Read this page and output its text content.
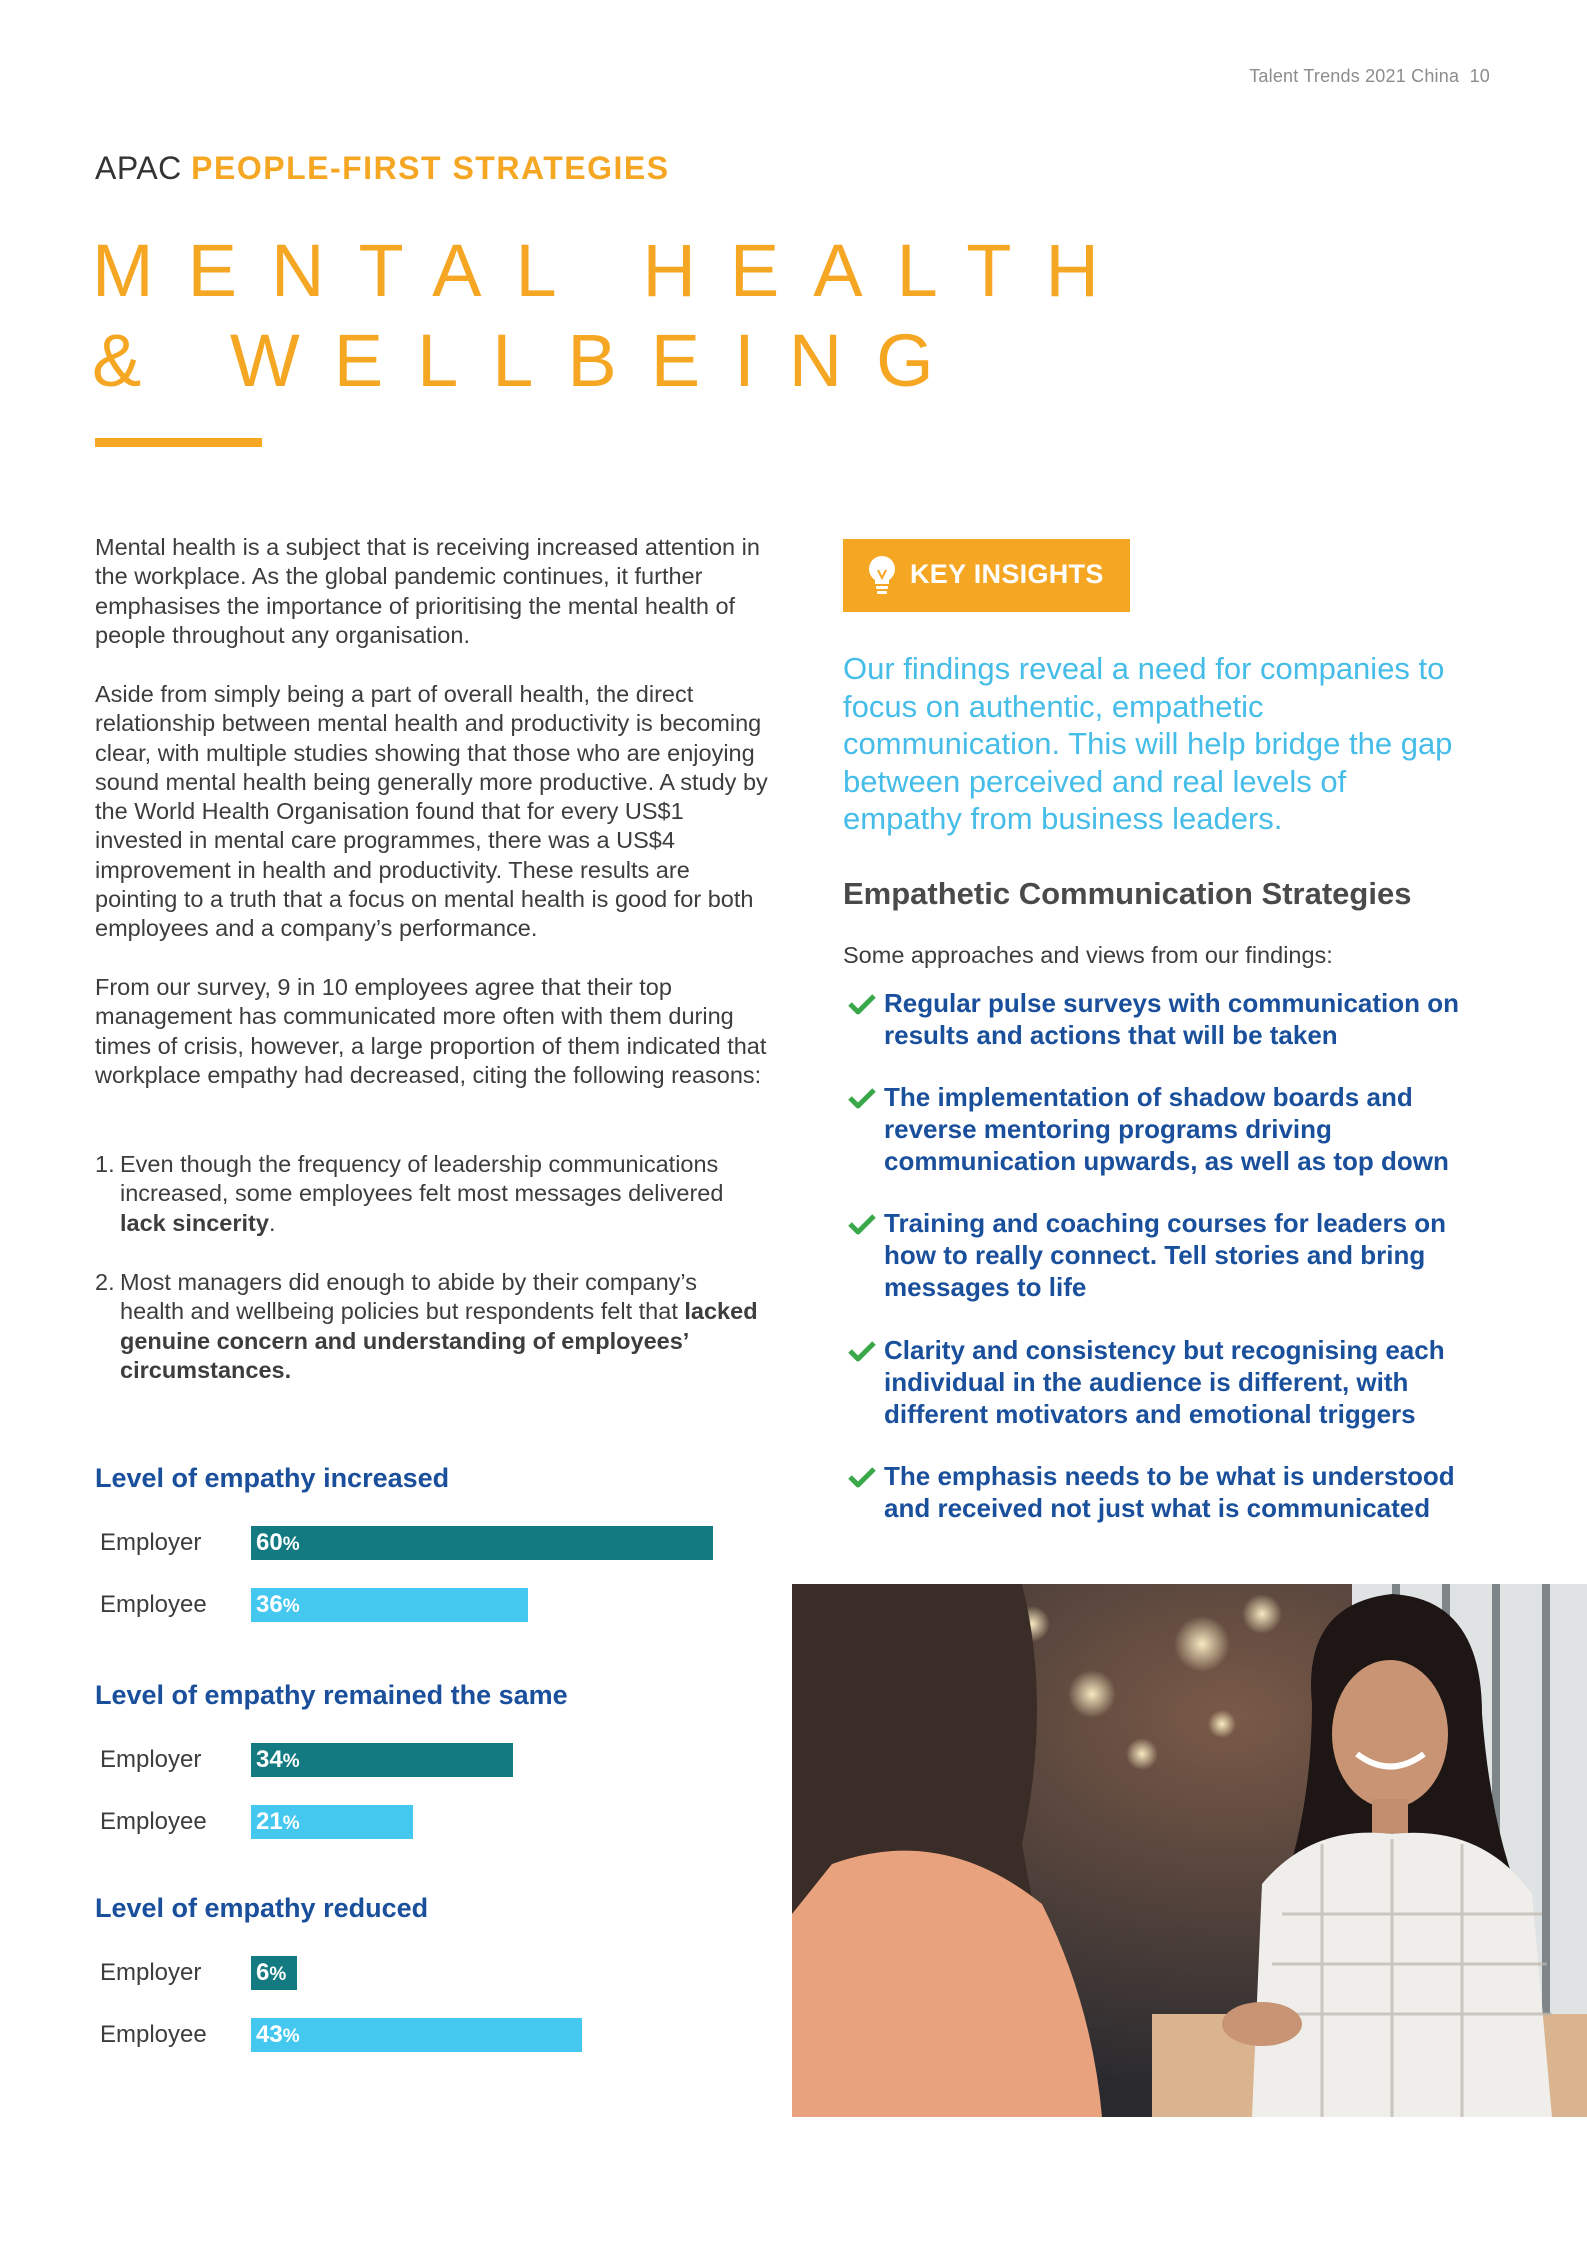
Talent Trends 2021 China 10
APAC PEOPLE-FIRST STRATEGIES
MENTAL HEALTH
& WELLBEING

Mental health is a subject that is receiving increased attention in the workplace. As the global pandemic continues, it further emphasises the importance of prioritising the mental health of people throughout any organisation.

Aside from simply being a part of overall health, the direct relationship between mental health and productivity is becoming clear, with multiple studies showing that those who are enjoying sound mental health being generally more productive. A study by the World Health Organisation found that for every US$1 invested in mental care programmes, there was a US$4 improvement in health and productivity. These results are pointing to a truth that a focus on mental health is good for both employees and a company’s performance.

From our survey, 9 in 10 employees agree that their top management has communicated more often with them during times of crisis, however, a large proportion of them indicated that workplace empathy had decreased, citing the following reasons:

1. Even though the frequency of leadership communications increased, some employees felt most messages delivered lack sincerity.
2. Most managers did enough to abide by their company’s health and wellbeing policies but respondents felt that lacked genuine concern and understanding of employees’ circumstances.
Level of empathy increased
Employer 60%
Employee 36%
Level of empathy remained the same
Employer 34%
Employee 21%
Level of empathy reduced
Employer 6%
Employee 43%
KEY INSIGHTS
Our findings reveal a need for companies to focus on authentic, empathetic communication. This will help bridge the gap between perceived and real levels of empathy from business leaders.
Empathetic Communication Strategies
Some approaches and views from our findings:
Regular pulse surveys with communication on results and actions that will be taken
The implementation of shadow boards and reverse mentoring programs driving communication upwards, as well as top down
Training and coaching courses for leaders on how to really connect. Tell stories and bring messages to life
Clarity and consistency but recognising each individual in the audience is different, with different motivators and emotional triggers
The emphasis needs to be what is understood and received not just what is communicated
